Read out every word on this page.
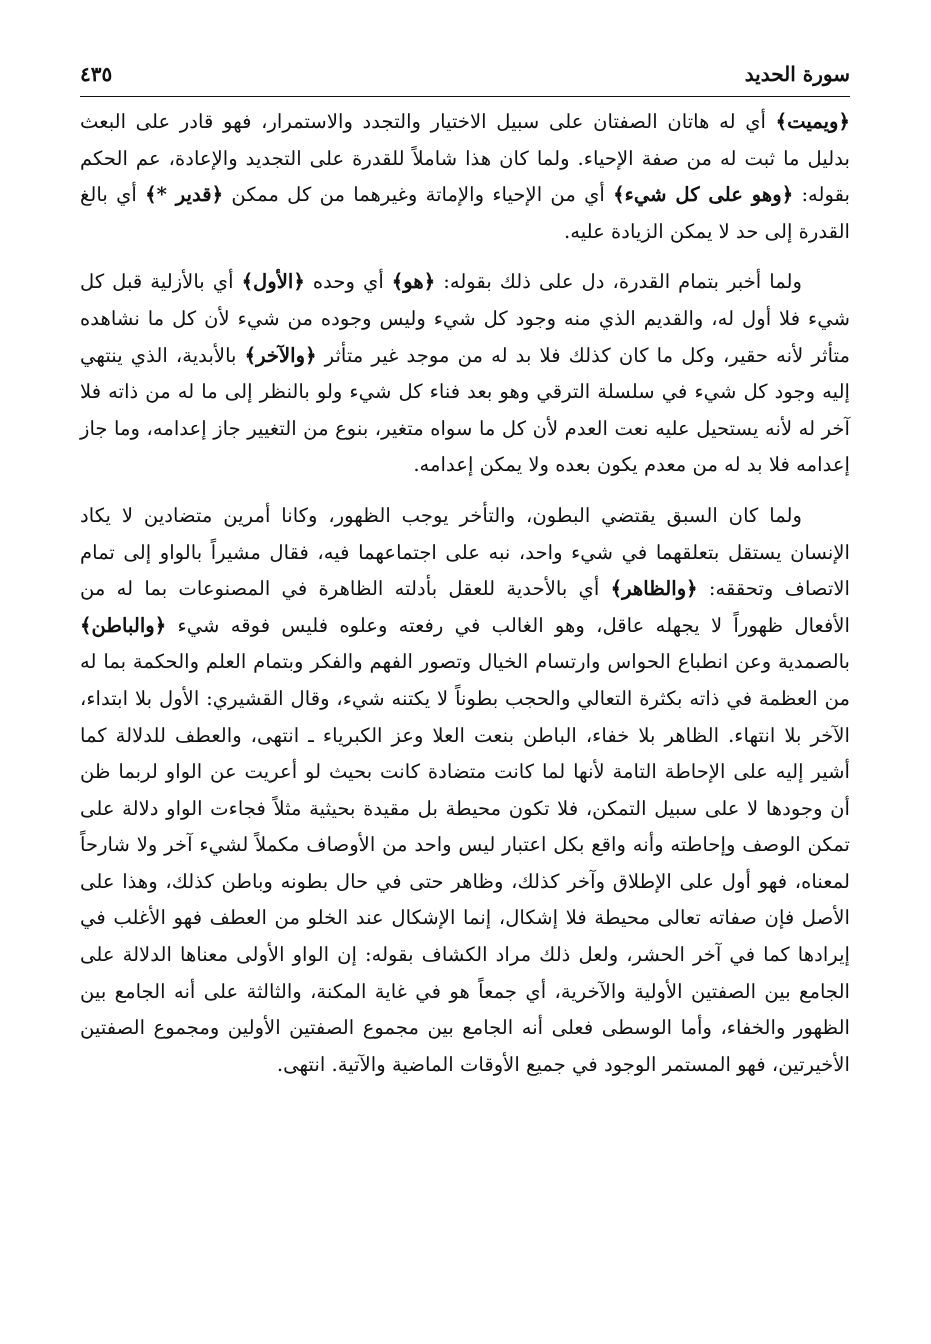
سورة الحديد
٤٣٥

﴿ويميت﴾ أي له هاتان الصفتان على سبيل الاختيار والتجدد والاستمرار، فهو قادر على البعث بدليل ما ثبت له من صفة الإحياء. ولما كان هذا شاملاً للقدرة على التجديد والإعادة، عم الحكم بقوله: ﴿وهو على كل شيء﴾ أي من الإحياء والإماتة وغيرهما من كل ممكن ﴿قدير *﴾ أي بالغ القدرة إلى حد لا يمكن الزيادة عليه.

ولما أخبر بتمام القدرة، دل على ذلك بقوله: ﴿هو﴾ أي وحده ﴿الأول﴾ أي بالأزلية قبل كل شيء فلا أول له، والقديم الذي منه وجود كل شيء وليس وجوده من شيء لأن كل ما نشاهده متأثر لأنه حقير، وكل ما كان كذلك فلا بد له من موجد غير متأثر ﴿والآخر﴾ بالأبدية، الذي ينتهي إليه وجود كل شيء في سلسلة الترقي وهو بعد فناء كل شيء ولو بالنظر إلى ما له من ذاته فلا آخر له لأنه يستحيل عليه نعت العدم لأن كل ما سواه متغير، بنوع من التغيير جاز إعدامه، وما جاز إعدامه فلا بد له من معدم يكون بعده ولا يمكن إعدامه.

ولما كان السبق يقتضي البطون، والتأخر يوجب الظهور، وكانا أمرين متضادين لا يكاد الإنسان يستقل بتعلقهما في شيء واحد، نبه على اجتماعهما فيه، فقال مشيراً بالواو إلى تمام الاتصاف وتحققه: ﴿والظاهر﴾ أي بالأحدية للعقل بأدلته الظاهرة في المصنوعات بما له من الأفعال ظهوراً لا يجهله عاقل، وهو الغالب في رفعته وعلوه فليس فوقه شيء ﴿والباطن﴾ بالصمدية وعن انطباع الحواس وارتسام الخيال وتصور الفهم والفكر وبتمام العلم والحكمة بما له من العظمة في ذاته بكثرة التعالي والحجب بطوناً لا يكتنه شيء، وقال القشيري: الأول بلا ابتداء، الآخر بلا انتهاء. الظاهر بلا خفاء، الباطن بنعت العلا وعز الكبرياء ـ انتهى، والعطف للدلالة كما أشير إليه على الإحاطة التامة لأنها لما كانت متضادة كانت بحيث لو أعريت عن الواو لربما ظن أن وجودها لا على سبيل التمكن، فلا تكون محيطة بل مقيدة بحيثية مثلاً فجاءت الواو دلالة على تمكن الوصف وإحاطته وأنه واقع بكل اعتبار ليس واحد من الأوصاف مكملاً لشيء آخر ولا شارحاً لمعناه، فهو أول على الإطلاق وآخر كذلك، وظاهر حتى في حال بطونه وباطن كذلك، وهذا على الأصل فإن صفاته تعالى محيطة فلا إشكال، إنما الإشكال عند الخلو من العطف فهو الأغلب في إيرادها كما في آخر الحشر، ولعل ذلك مراد الكشاف بقوله: إن الواو الأولى معناها الدلالة على الجامع بين الصفتين الأولية والآخرية، أي جمعاً هو في غاية المكنة، والثالثة على أنه الجامع بين الظهور والخفاء، وأما الوسطى فعلى أنه الجامع بين مجموع الصفتين الأولين ومجموع الصفتين الأخيرتين، فهو المستمر الوجود في جميع الأوقات الماضية والآتية. انتهى.
